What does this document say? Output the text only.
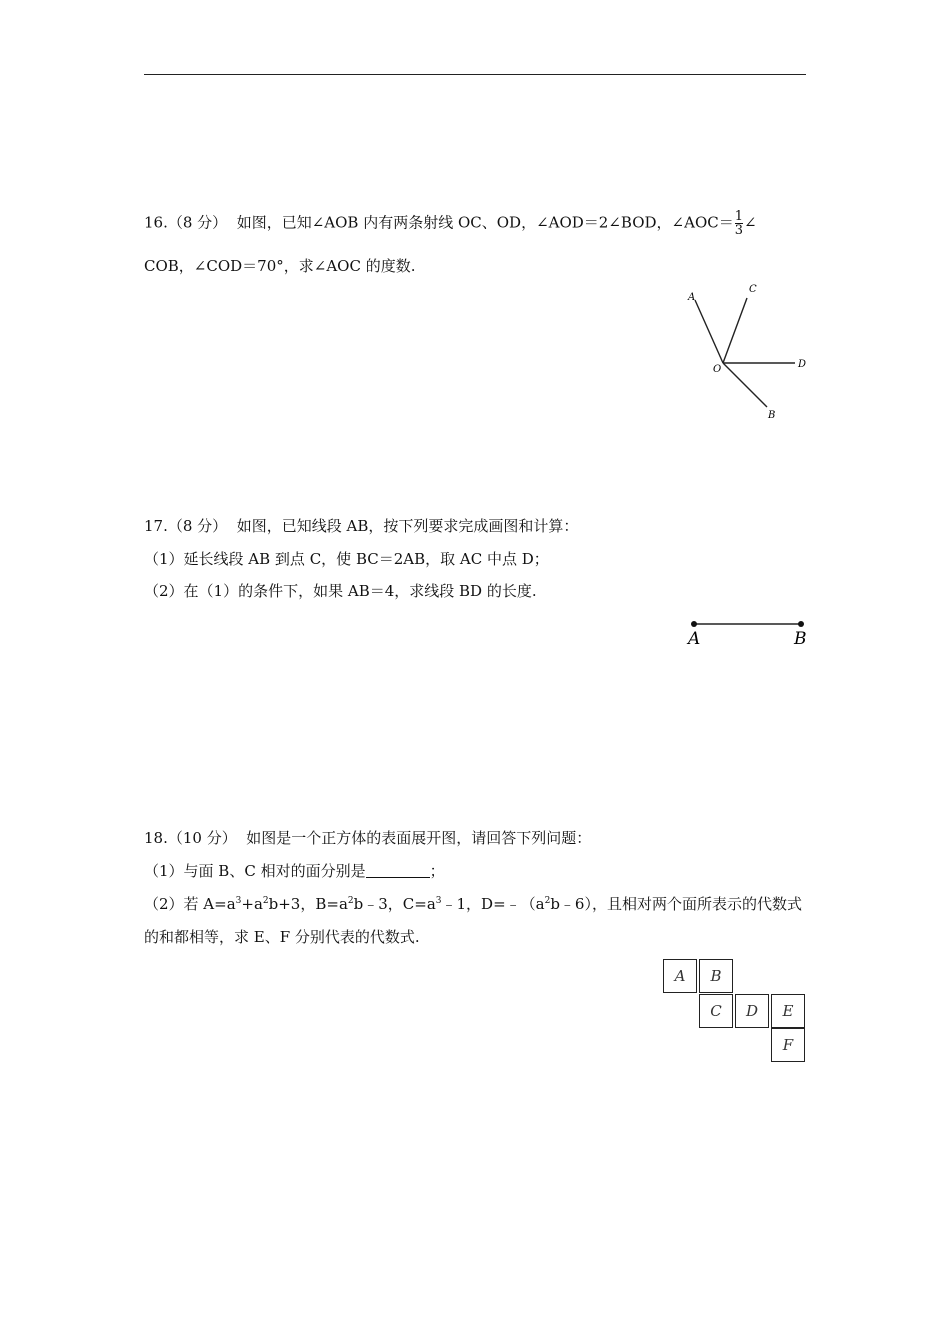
16.（8 分） 如图，已知∠AOB 内有两条射线 OC、OD，∠AOD＝2∠BOD，∠AOC＝ $\frac{1}{3}$ ∠
COB，∠COD＝70°，求∠AOC 的度数.
A
C
D
O
B
17.（8 分） 如图，已知线段 AB，按下列要求完成画图和计算：
（1）延长线段 AB 到点 C，使 BC＝2AB，取 AC 中点 D；
（2）在（1）的条件下，如果 AB＝4，求线段 BD 的长度.
A	B
18.（10 分） 如图是一个正方体的表面展开图，请回答下列问题：
（1）与面 B、C 相对的面分别是	；
（2）若 $A=a^3+a^2b+3$，$B=a^2b﹣3$，$C=a^3﹣1$，$D=﹣(a^2b﹣6)$，且相对两个面所表示的代数式
的和都相等，求 E、F 分别代表的代数式.
A	B
C	D	E
F
